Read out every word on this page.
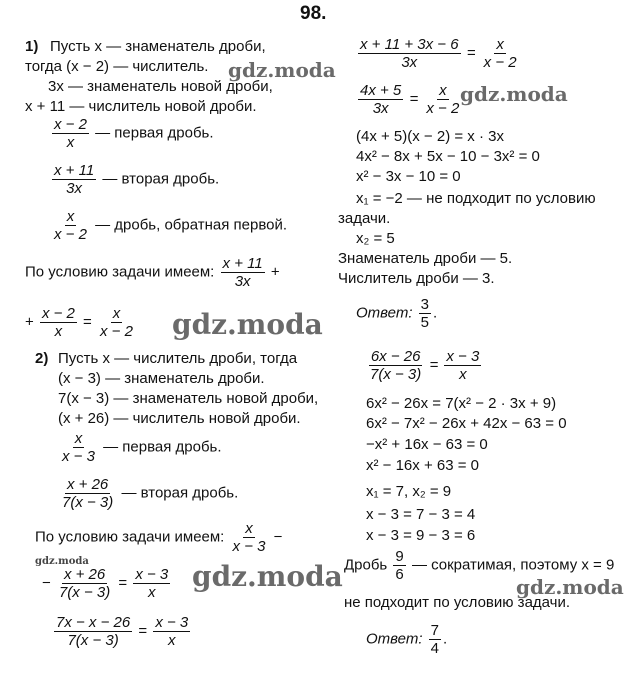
98.
gdz.moda
gdz.moda
gdz.moda
gdz.moda	gdz.moda	gdz.moda
1) Пусть x — знаменатель дроби,
тогда (x − 2) — числитель.
3x — знаменатель новой дроби,
x + 11 — числитель новой дроби.
$\frac{x - 2}{x}$ — первая дробь.
$\frac{x + 11}{3x}$ — вторая дробь.
$\frac{x}{x - 2}$ — дробь, обратная первой.
По условию задачи имеем: $\frac{x + 11}{3x}$ +
+ $\frac{x - 2}{x} = \frac{x}{x - 2}$
$\frac{x + 11 + 3x - 6}{3x} = \frac{x}{x - 2}$
$\frac{4x + 5}{3x} = \frac{x}{x - 2}$
(4x + 5)(x − 2) = x · 3x
4x² − 8x + 5x − 10 − 3x² = 0
x² − 3x − 10 = 0
x₁ = −2 — не подходит по условию
задачи.
x₂ = 5
Знаменатель дроби — 5.
Числитель дроби — 3.
Ответ: $\frac{3}{5}$ .
2) Пусть x — числитель дроби, тогда
(x − 3) — знаменатель дроби.
7(x − 3) — знаменатель новой дроби,
(x + 26) — числитель новой дроби.
$\frac{x}{x - 3}$ — первая дробь.
$\frac{x + 26}{7(x - 3)}$ — вторая дробь.
По условию задачи имеем: $\frac{x}{x - 3}$ −
− $\frac{x + 26}{7(x - 3)} = \frac{x - 3}{x}$
$\frac{7x - x - 26}{7(x - 3)} = \frac{x - 3}{x}$
$\frac{6x - 26}{7(x - 3)} = \frac{x - 3}{x}$
6x² − 26x = 7(x² − 2 · 3x + 9)
6x² − 7x² − 26x + 42x − 63 = 0
−x² + 16x − 63 = 0
x² − 16x + 63 = 0
x₁ = 7, x₂ = 9
x − 3 = 7 − 3 = 4
x − 3 = 9 − 3 = 6
Дробь $\frac{9}{6}$ — сократимая, поэтому x = 9
не подходит по условию задачи.
Ответ: $\frac{7}{4}$ .
